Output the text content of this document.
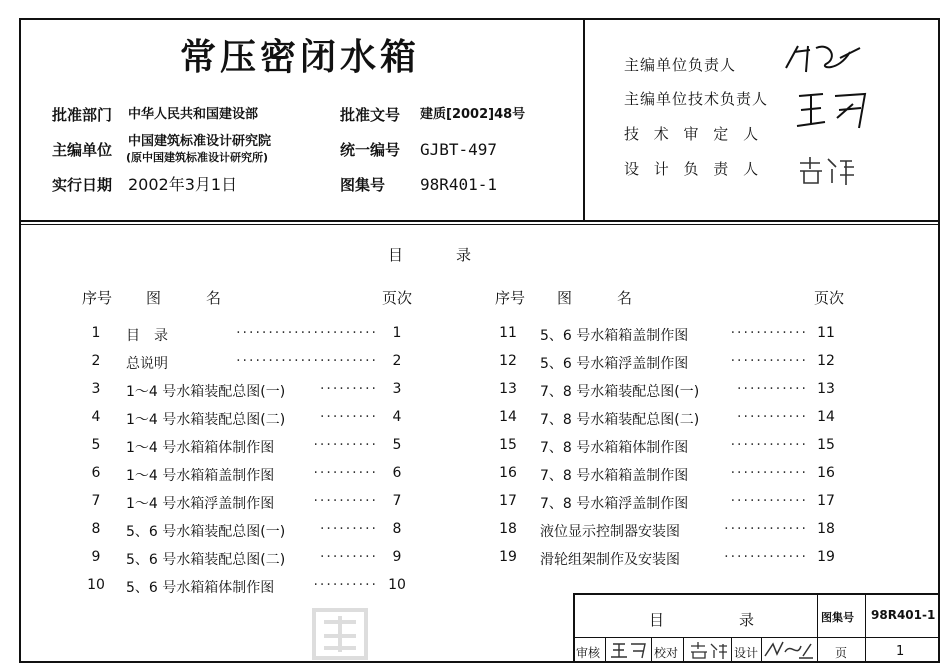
常压密闭水箱
批准部门 中华人民共和国建设部	批准文号 建质[2002]48号
主编单位 中国建筑标准设计研究院
(原中国建筑标准设计研究所)	统一编号 GJBT-497
实行日期 2002年3月1日	图集号 98R401-1
主编单位负责人
主编单位技术负责人
技 术 审 定 人
设 计 负 责 人
目　　　录
序号 图　　　名	页次	序号 图　　　名	页次
1	目　录	······················	1
2	总说明	······················	2
3	1～4 号水箱装配总图(一) ·········	3
4	1～4 号水箱装配总图(二) ·········	4
5	1～4 号水箱箱体制作图	··········	5
6	1～4 号水箱箱盖制作图	··········	6
7	1～4 号水箱浮盖制作图	··········	7
8	5、6 号水箱装配总图(一) ·········	8
9	5、6 号水箱装配总图(二) ·········	9
10	5、6 号水箱箱体制作图	·········· 10
11	5、6 号水箱箱盖制作图	············ 11
12	5、6 号水箱浮盖制作图	············ 12
13	7、8 号水箱装配总图(一)	··········· 13
14	7、8 号水箱装配总图(二)	··········· 14
15	7、8 号水箱箱体制作图	············ 15
16	7、8 号水箱箱盖制作图	············ 16
17	7、8 号水箱浮盖制作图	············ 17
18	液位显示控制器安装图	············· 18
19	滑轮组架制作及安装图	············· 19
目　　　　　录	图集号 98R401-1
审核	校对	设计	页	1
